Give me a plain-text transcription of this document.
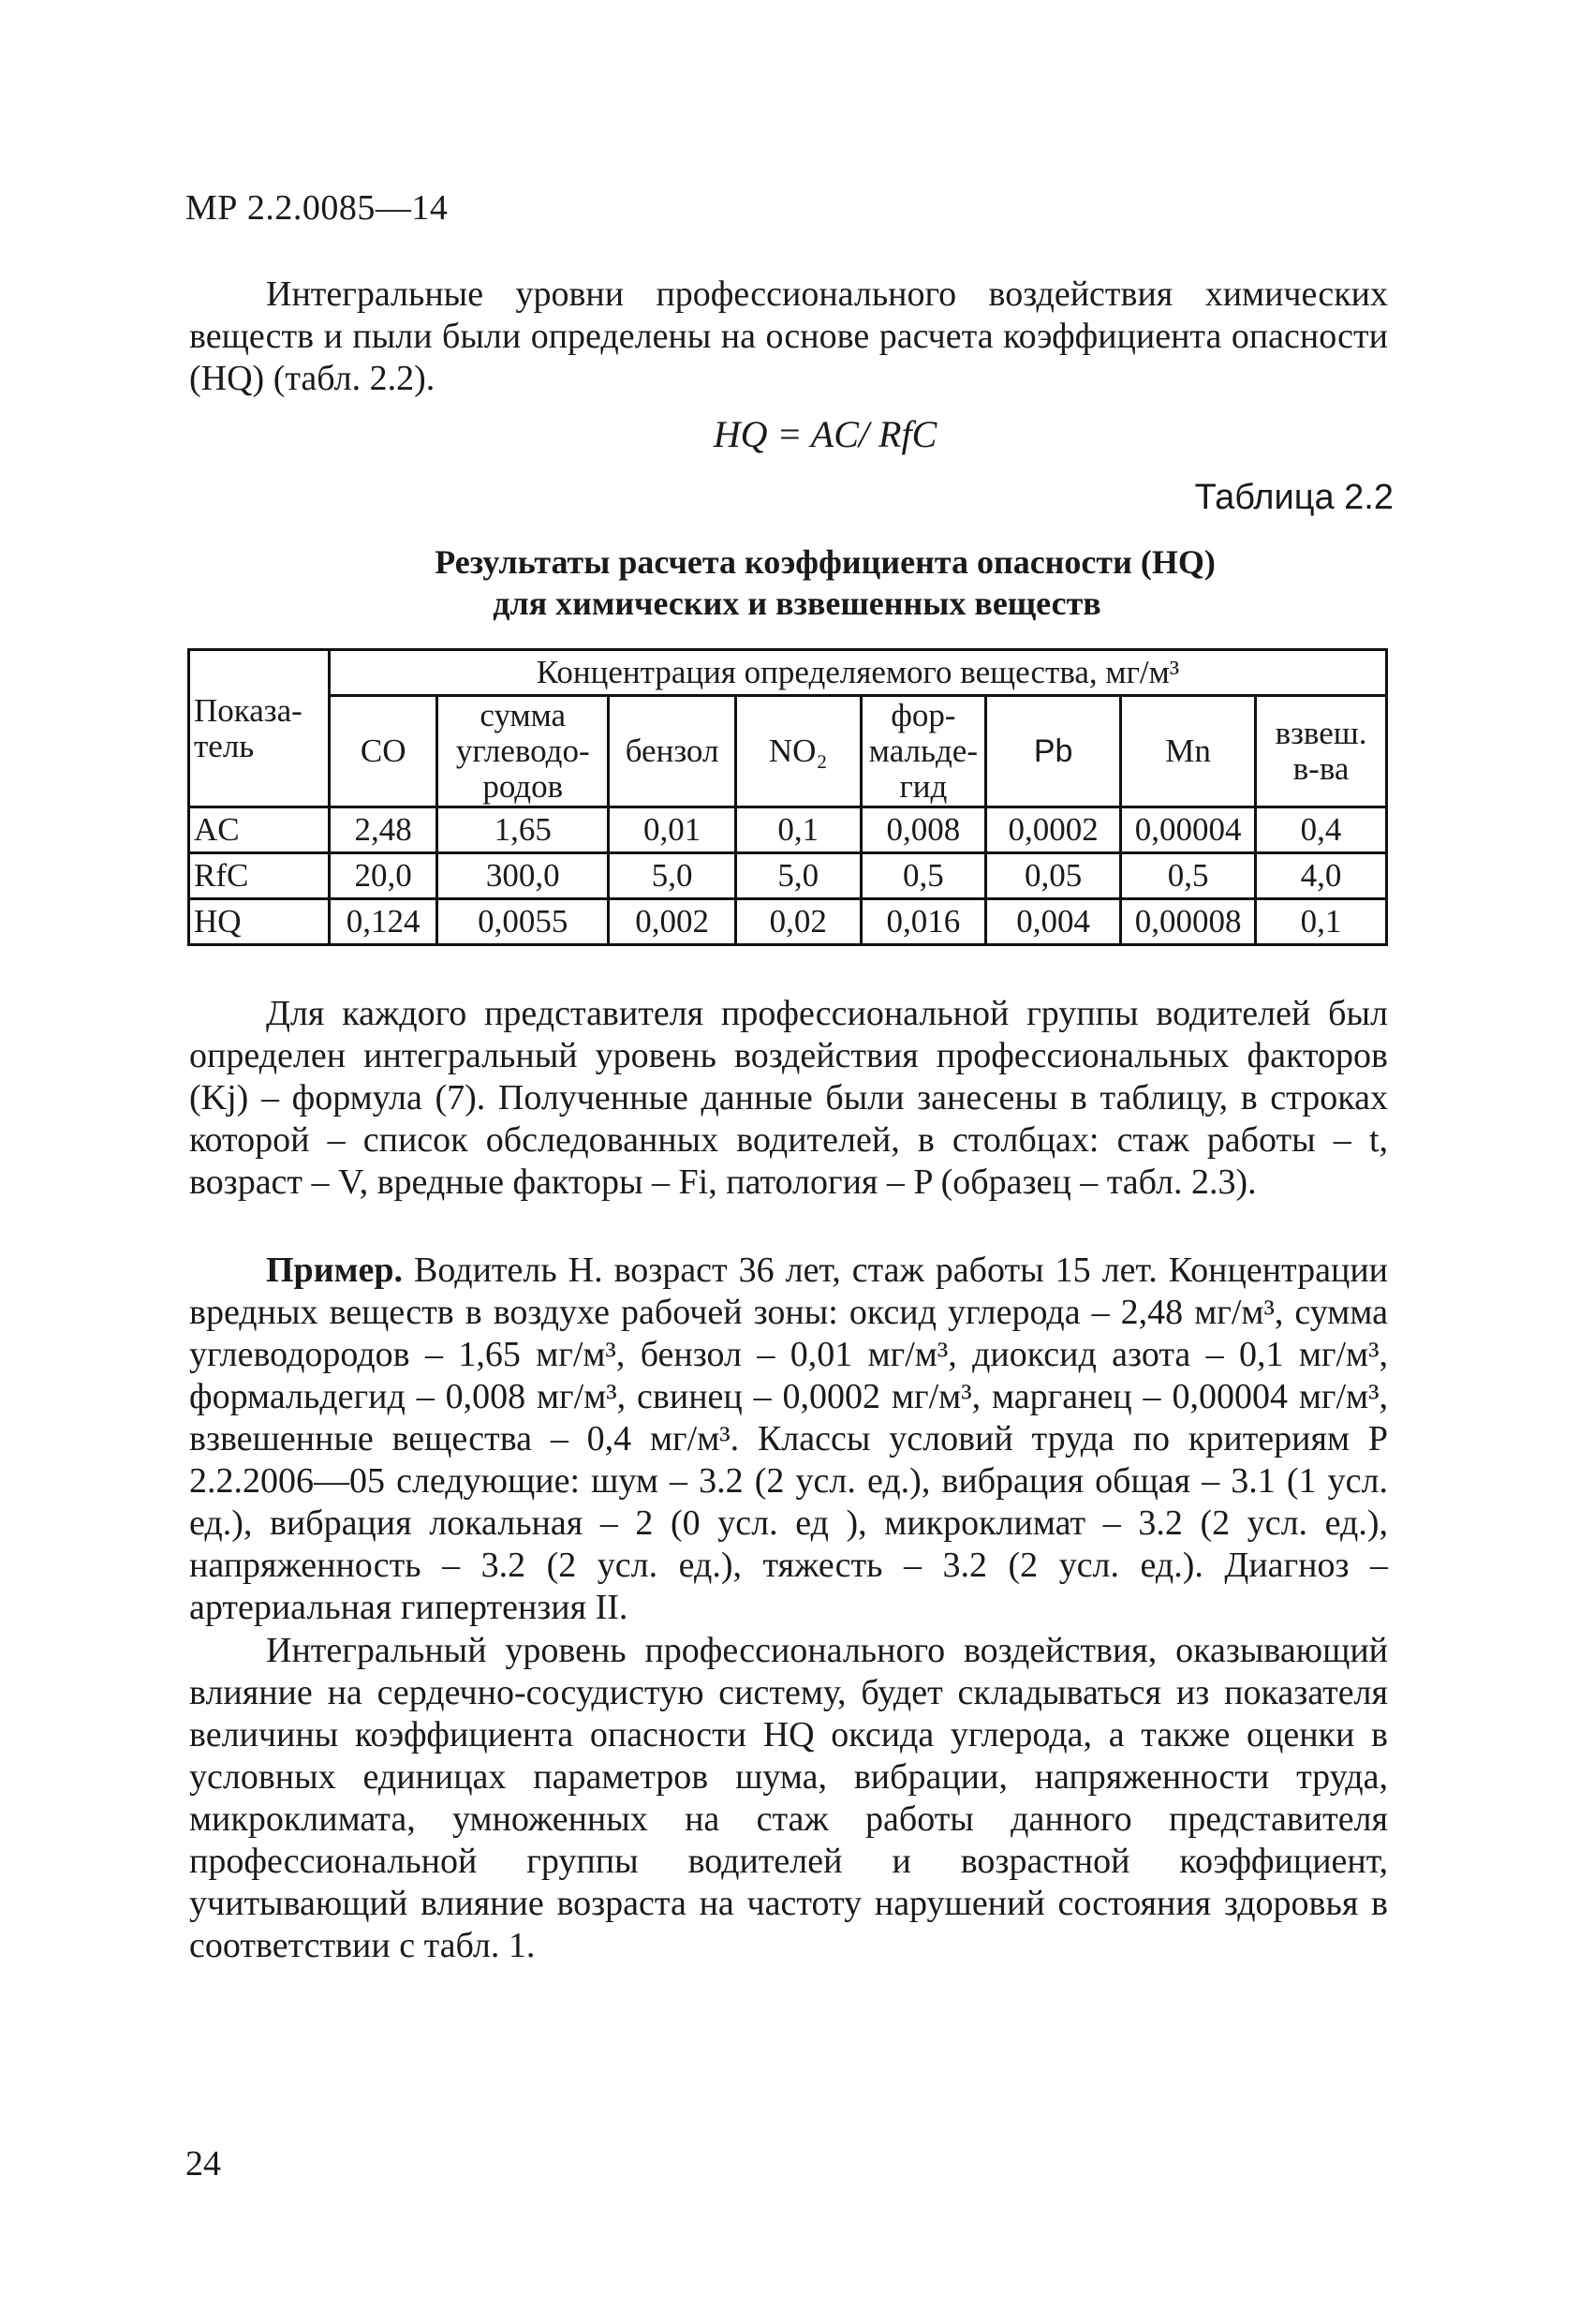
МР 2.2.0085—14

Интегральные уровни профессионального воздействия химических веществ и пыли были определены на основе расчета коэффициента опасности (HQ) (табл. 2.2).

HQ = AC/ RfC
Таблица 2.2
Результаты расчета коэффициента опасности (HQ)
для химических и взвешенных веществ
Показа-тель	Концентрация определяемого вещества, мг/м³							
	CO	сумма углеводо-родов	бензол	NO₂	фор-мальде-гид	Pb	Mn	взвеш. в-ва
AC	2,48	1,65	0,01	0,1	0,008	0,0002	0,00004	0,4
RfC	20,0	300,0	5,0	5,0	0,5	0,05	0,5	4,0
HQ	0,124	0,0055	0,002	0,02	0,016	0,004	0,00008	0,1

Для каждого представителя профессиональной группы водителей был определен интегральный уровень воздействия профессиональных факторов (Kj) – формула (7). Полученные данные были занесены в таблицу, в строках которой – список обследованных водителей, в столбцах: стаж работы – t, возраст – V, вредные факторы – Fi, патология – P (образец – табл. 2.3).

Пример. Водитель Н. возраст 36 лет, стаж работы 15 лет. Концентрации вредных веществ в воздухе рабочей зоны: оксид углерода – 2,48 мг/м³, сумма углеводородов – 1,65 мг/м³, бензол – 0,01 мг/м³, диоксид азота – 0,1 мг/м³, формальдегид – 0,008 мг/м³, свинец – 0,0002 мг/м³, марганец – 0,00004 мг/м³, взвешенные вещества – 0,4 мг/м³. Классы условий труда по критериям Р 2.2.2006—05 следующие: шум – 3.2 (2 усл. ед.), вибрация общая – 3.1 (1 усл. ед.), вибрация локальная – 2 (0 усл. ед ), микроклимат – 3.2 (2 усл. ед.), напряженность – 3.2 (2 усл. ед.), тяжесть – 3.2 (2 усл. ед.). Диагноз – артериальная гипертензия II.

Интегральный уровень профессионального воздействия, оказывающий влияние на сердечно-сосудистую систему, будет складываться из показателя величины коэффициента опасности HQ оксида углерода, а также оценки в условных единицах параметров шума, вибрации, напряженности труда, микроклимата, умноженных на стаж работы данного представителя профессиональной группы водителей и возрастной коэффициент, учитывающий влияние возраста на частоту нарушений состояния здоровья в соответствии с табл. 1.

24
